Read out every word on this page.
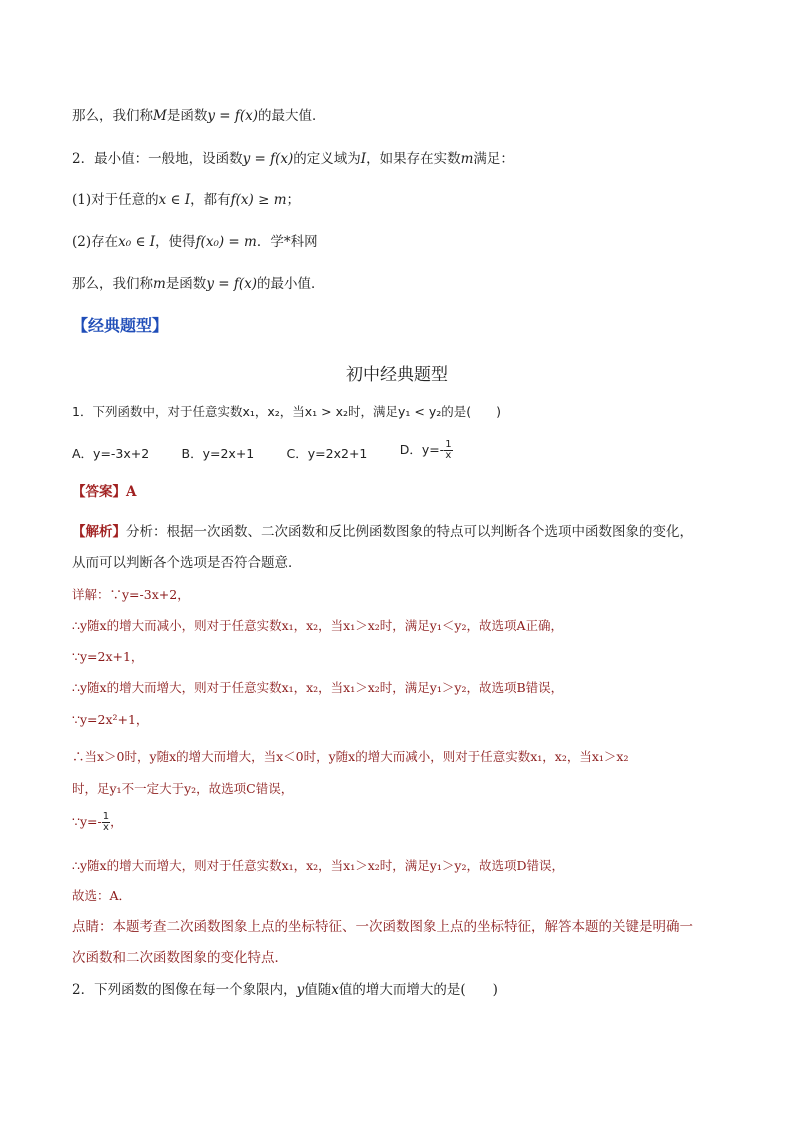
那么，我们称M是函数y = f(x)的最大值．
2．最小值：一般地，设函数y = f(x)的定义域为I，如果存在实数m满足：
(1)对于任意的x ∈ I，都有f(x) ≥ m；
(2)存在x₀ ∈ I，使得f(x₀) = m．学*科网
那么，我们称m是函数y = f(x)的最小值．
【经典题型】
初中经典题型
1．下列函数中，对于任意实数x₁，x₂，当x₁ > x₂时，满足y₁ < y₂的是(　　)
A．y=-3x+2	B．y=2x+1	C．y=2x2+1	D．$y=- \frac{1}{x}$
【答案】A
【解析】分析：根据一次函数、二次函数和反比例函数图象的特点可以判断各个选项中函数图象的变化，
从而可以判断各个选项是否符合题意．
详解：∵y=-3x+2，
∴y随x的增大而减小，则对于任意实数x₁，x₂，当x₁＞x₂时，满足y₁＜y₂，故选项A正确，
∵y=2x+1，
∴y随x的增大而增大，则对于任意实数x₁，x₂，当x₁＞x₂时，满足y₁＞y₂，故选项B错误，
∵y=2x²+1，
∴当x＞0时，y随x的增大而增大，当x＜0时，y随x的增大而减小，则对于任意实数x₁，x₂，当x₁＞x₂
时，足y₁不一定大于y₂，故选项C错误，
∵y=- $\frac{1}{x}$ ，
∴y随x的增大而增大，则对于任意实数x₁，x₂，当x₁＞x₂时，满足y₁＞y₂，故选项D错误，
故选：A．
点睛：本题考查二次函数图象上点的坐标特征、一次函数图象上点的坐标特征，解答本题的关键是明确一
次函数和二次函数图象的变化特点．
2．下列函数的图像在每一个象限内，y值随x值的增大而增大的是(　　)
